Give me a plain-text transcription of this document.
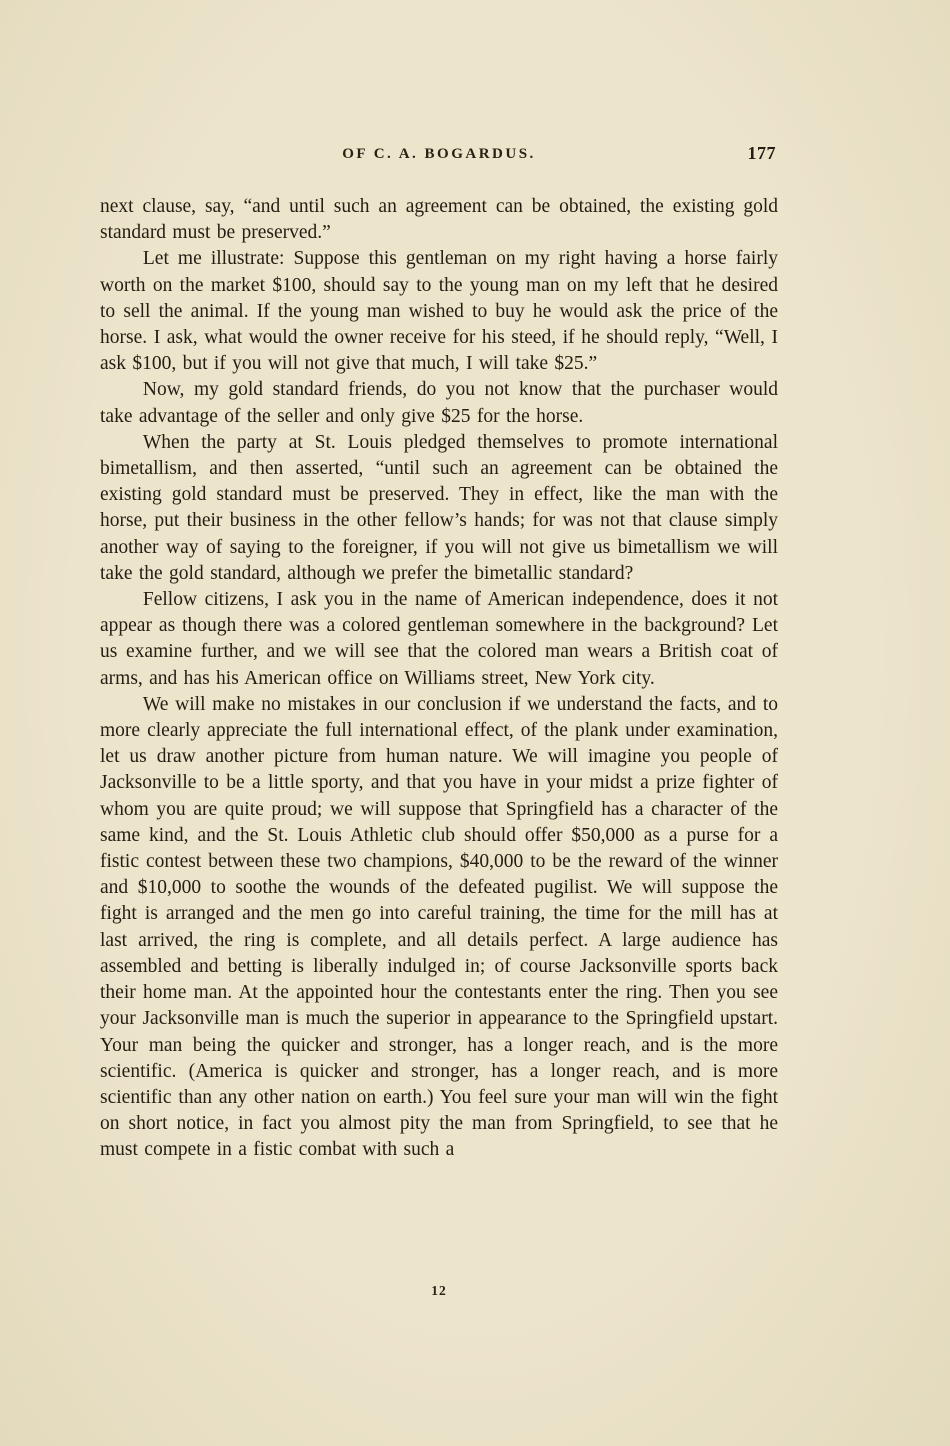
OF C. A. BOGARDUS.	177

next clause, say, “and until such an agreement can be obtained, the existing gold standard must be preserved.”

Let me illustrate: Suppose this gentleman on my right having a horse fairly worth on the market $100, should say to the young man on my left that he desired to sell the animal. If the young man wished to buy he would ask the price of the horse. I ask, what would the owner receive for his steed, if he should reply, “Well, I ask $100, but if you will not give that much, I will take $25.”

Now, my gold standard friends, do you not know that the purchaser would take advantage of the seller and only give $25 for the horse.

When the party at St. Louis pledged themselves to promote international bimetallism, and then asserted, “until such an agreement can be obtained the existing gold standard must be preserved. They in effect, like the man with the horse, put their business in the other fellow’s hands; for was not that clause simply another way of saying to the foreigner, if you will not give us bimetallism we will take the gold standard, although we prefer the bimetallic standard?

Fellow citizens, I ask you in the name of American independence, does it not appear as though there was a colored gentleman somewhere in the background? Let us examine further, and we will see that the colored man wears a British coat of arms, and has his American office on Williams street, New York city.

We will make no mistakes in our conclusion if we understand the facts, and to more clearly appreciate the full international effect, of the plank under examination, let us draw another picture from human nature. We will imagine you people of Jacksonville to be a little sporty, and that you have in your midst a prize fighter of whom you are quite proud; we will suppose that Springfield has a character of the same kind, and the St. Louis Athletic club should offer $50,000 as a purse for a fistic contest between these two champions, $40,000 to be the reward of the winner and $10,000 to soothe the wounds of the defeated pugilist. We will suppose the fight is arranged and the men go into careful training, the time for the mill has at last arrived, the ring is complete, and all details perfect. A large audience has assembled and betting is liberally indulged in; of course Jacksonville sports back their home man. At the appointed hour the contestants enter the ring. Then you see your Jacksonville man is much the superior in appearance to the Springfield upstart. Your man being the quicker and stronger, has a longer reach, and is the more scientific. (America is quicker and stronger, has a longer reach, and is more scientific than any other nation on earth.) You feel sure your man will win the fight on short notice, in fact you almost pity the man from Springfield, to see that he must compete in a fistic combat with such a

12
